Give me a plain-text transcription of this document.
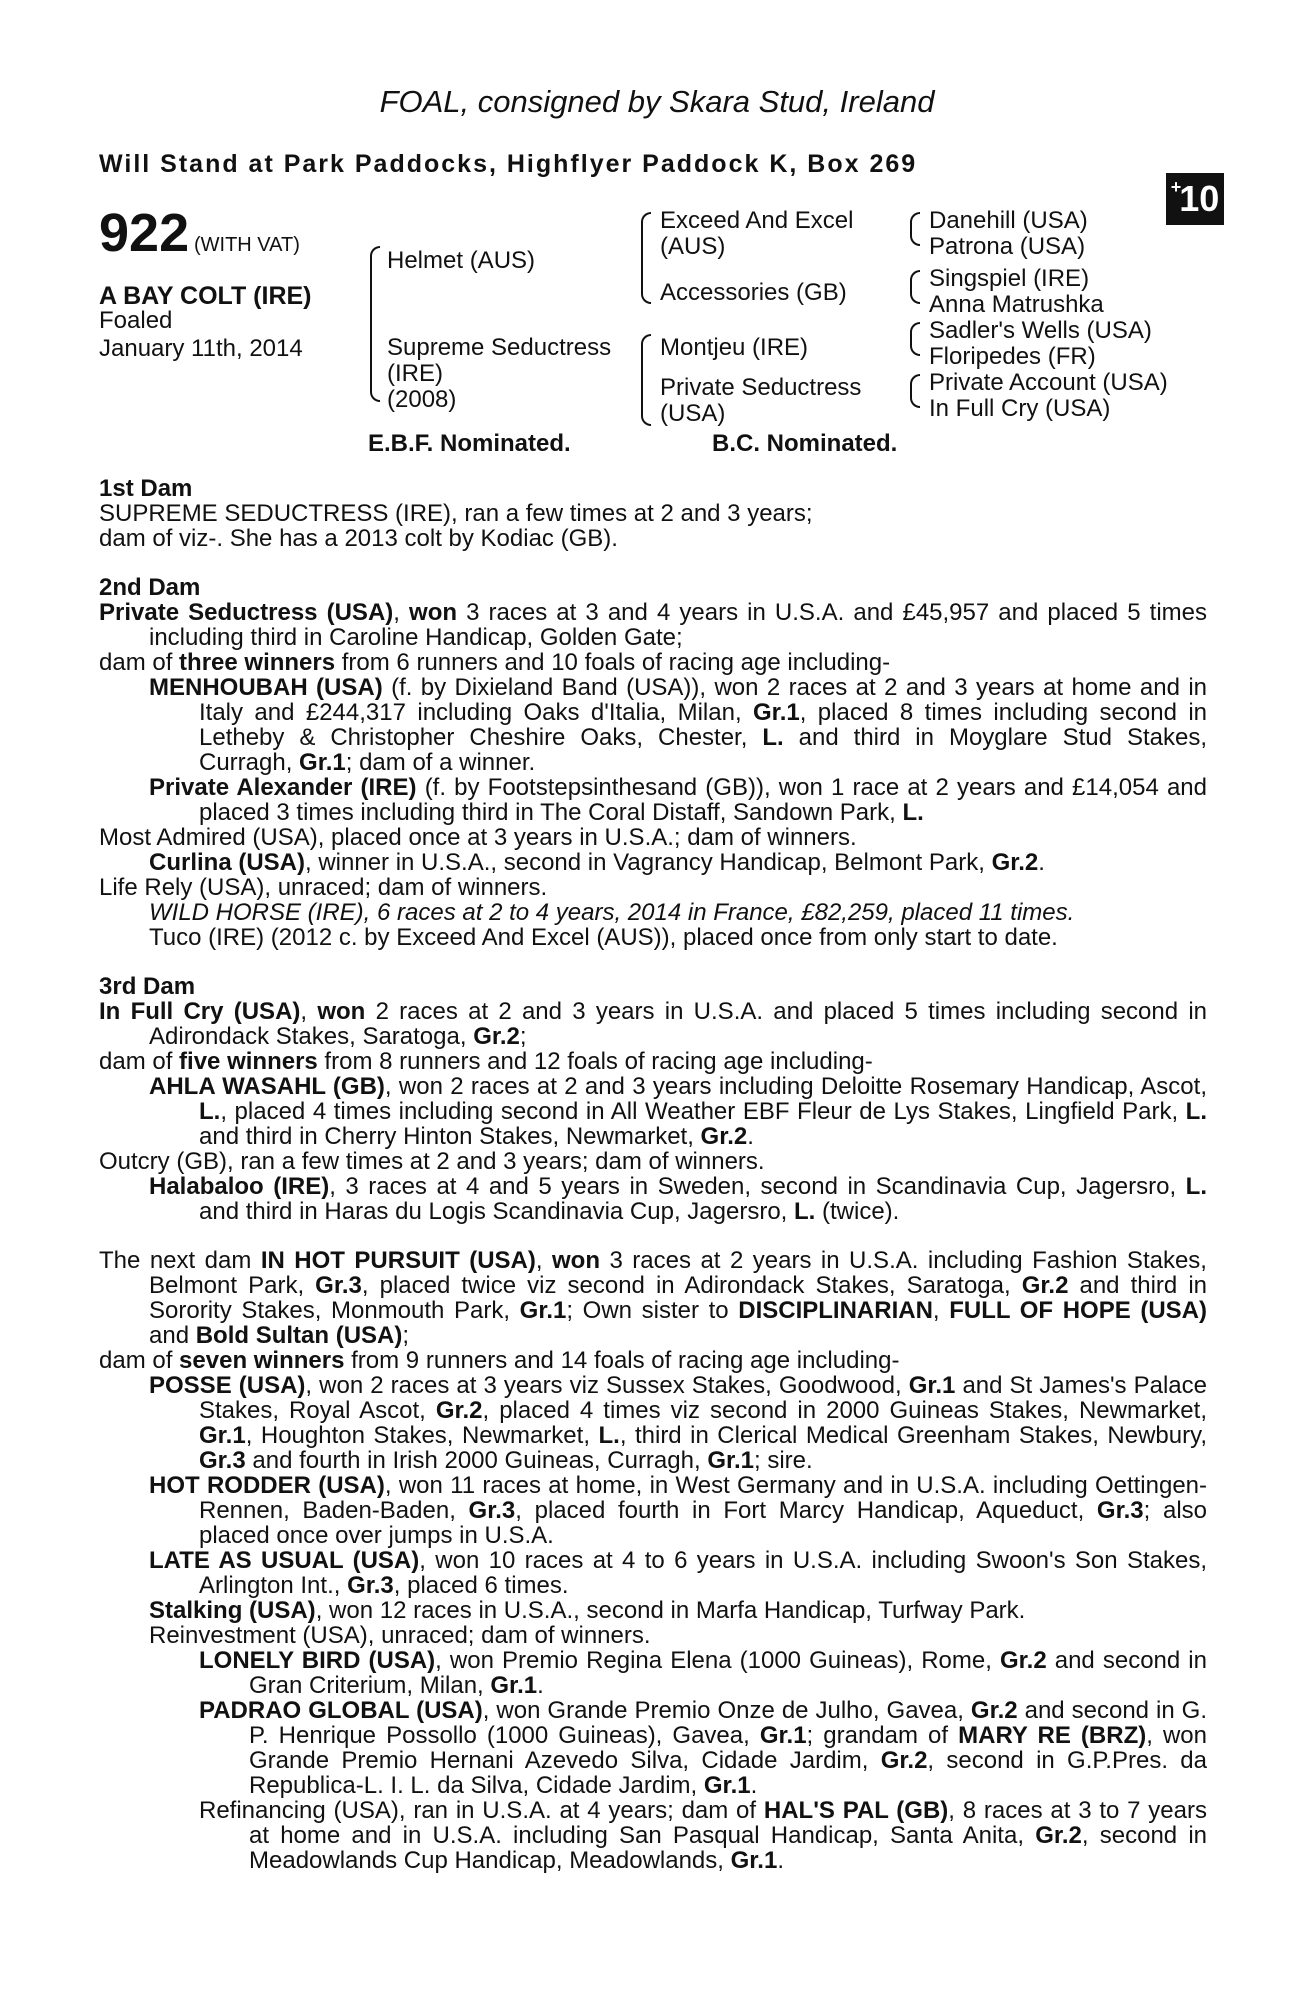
FOAL, consigned by Skara Stud, Ireland
Will Stand at Park Paddocks, Highflyer Paddock K, Box 269
+
10
922 (WITH VAT)
A BAY COLT (IRE)
Foaled
January 11th, 2014
Helmet (AUS)
Supreme Seductress
(IRE)
(2008)
Exceed And Excel
(AUS)
Accessories (GB)
Montjeu (IRE)
Private Seductress
(USA)
Danehill (USA)
Patrona (USA)
Singspiel (IRE)
Anna Matrushka
Sadler's Wells (USA)
Floripedes (FR)
Private Account (USA)
In Full Cry (USA)
E.B.F. Nominated.	B.C. Nominated.

1st Dam

SUPREME SEDUCTRESS (IRE), ran a few times at 2 and 3 years;

dam of viz-. She has a 2013 colt by Kodiac (GB).

2nd Dam

Private Seductress (USA), won 3 races at 3 and 4 years in U.S.A. and £45,957 and placed 5 times including third in Caroline Handicap, Golden Gate;

dam of three winners from 6 runners and 10 foals of racing age including-

MENHOUBAH (USA) (f. by Dixieland Band (USA)), won 2 races at 2 and 3 years at home and in Italy and £244,317 including Oaks d'Italia, Milan, Gr.1, placed 8 times including second in Letheby & Christopher Cheshire Oaks, Chester, L. and third in Moyglare Stud Stakes, Curragh, Gr.1; dam of a winner.

Private Alexander (IRE) (f. by Footstepsinthesand (GB)), won 1 race at 2 years and £14,054 and placed 3 times including third in The Coral Distaff, Sandown Park, L.

Most Admired (USA), placed once at 3 years in U.S.A.; dam of winners.

Curlina (USA), winner in U.S.A., second in Vagrancy Handicap, Belmont Park, Gr.2.

Life Rely (USA), unraced; dam of winners.

WILD HORSE (IRE), 6 races at 2 to 4 years, 2014 in France, £82,259, placed 11 times.

Tuco (IRE) (2012 c. by Exceed And Excel (AUS)), placed once from only start to date.

3rd Dam

In Full Cry (USA), won 2 races at 2 and 3 years in U.S.A. and placed 5 times including second in Adirondack Stakes, Saratoga, Gr.2;

dam of five winners from 8 runners and 12 foals of racing age including-

AHLA WASAHL (GB), won 2 races at 2 and 3 years including Deloitte Rosemary Handicap, Ascot, L., placed 4 times including second in All Weather EBF Fleur de Lys Stakes, Lingfield Park, L. and third in Cherry Hinton Stakes, Newmarket, Gr.2.

Outcry (GB), ran a few times at 2 and 3 years; dam of winners.

Halabaloo (IRE), 3 races at 4 and 5 years in Sweden, second in Scandinavia Cup, Jagersro, L. and third in Haras du Logis Scandinavia Cup, Jagersro, L. (twice).

The next dam IN HOT PURSUIT (USA), won 3 races at 2 years in U.S.A. including Fashion Stakes, Belmont Park, Gr.3, placed twice viz second in Adirondack Stakes, Saratoga, Gr.2 and third in Sorority Stakes, Monmouth Park, Gr.1; Own sister to DISCIPLINARIAN, FULL OF HOPE (USA) and Bold Sultan (USA);

dam of seven winners from 9 runners and 14 foals of racing age including-

POSSE (USA), won 2 races at 3 years viz Sussex Stakes, Goodwood, Gr.1 and St James's Palace Stakes, Royal Ascot, Gr.2, placed 4 times viz second in 2000 Guineas Stakes, Newmarket, Gr.1, Houghton Stakes, Newmarket, L., third in Clerical Medical Greenham Stakes, Newbury, Gr.3 and fourth in Irish 2000 Guineas, Curragh, Gr.1; sire.

HOT RODDER (USA), won 11 races at home, in West Germany and in U.S.A. including Oettingen-Rennen, Baden-Baden, Gr.3, placed fourth in Fort Marcy Handicap, Aqueduct, Gr.3; also placed once over jumps in U.S.A.

LATE AS USUAL (USA), won 10 races at 4 to 6 years in U.S.A. including Swoon's Son Stakes, Arlington Int., Gr.3, placed 6 times.

Stalking (USA), won 12 races in U.S.A., second in Marfa Handicap, Turfway Park.

Reinvestment (USA), unraced; dam of winners.

LONELY BIRD (USA), won Premio Regina Elena (1000 Guineas), Rome, Gr.2 and second in Gran Criterium, Milan, Gr.1.

PADRAO GLOBAL (USA), won Grande Premio Onze de Julho, Gavea, Gr.2 and second in G. P. Henrique Possollo (1000 Guineas), Gavea, Gr.1; grandam of MARY RE (BRZ), won Grande Premio Hernani Azevedo Silva, Cidade Jardim, Gr.2, second in G.P.Pres. da Republica-L. I. L. da Silva, Cidade Jardim, Gr.1.

Refinancing (USA), ran in U.S.A. at 4 years; dam of HAL'S PAL (GB), 8 races at 3 to 7 years at home and in U.S.A. including San Pasqual Handicap, Santa Anita, Gr.2, second in Meadowlands Cup Handicap, Meadowlands, Gr.1.
